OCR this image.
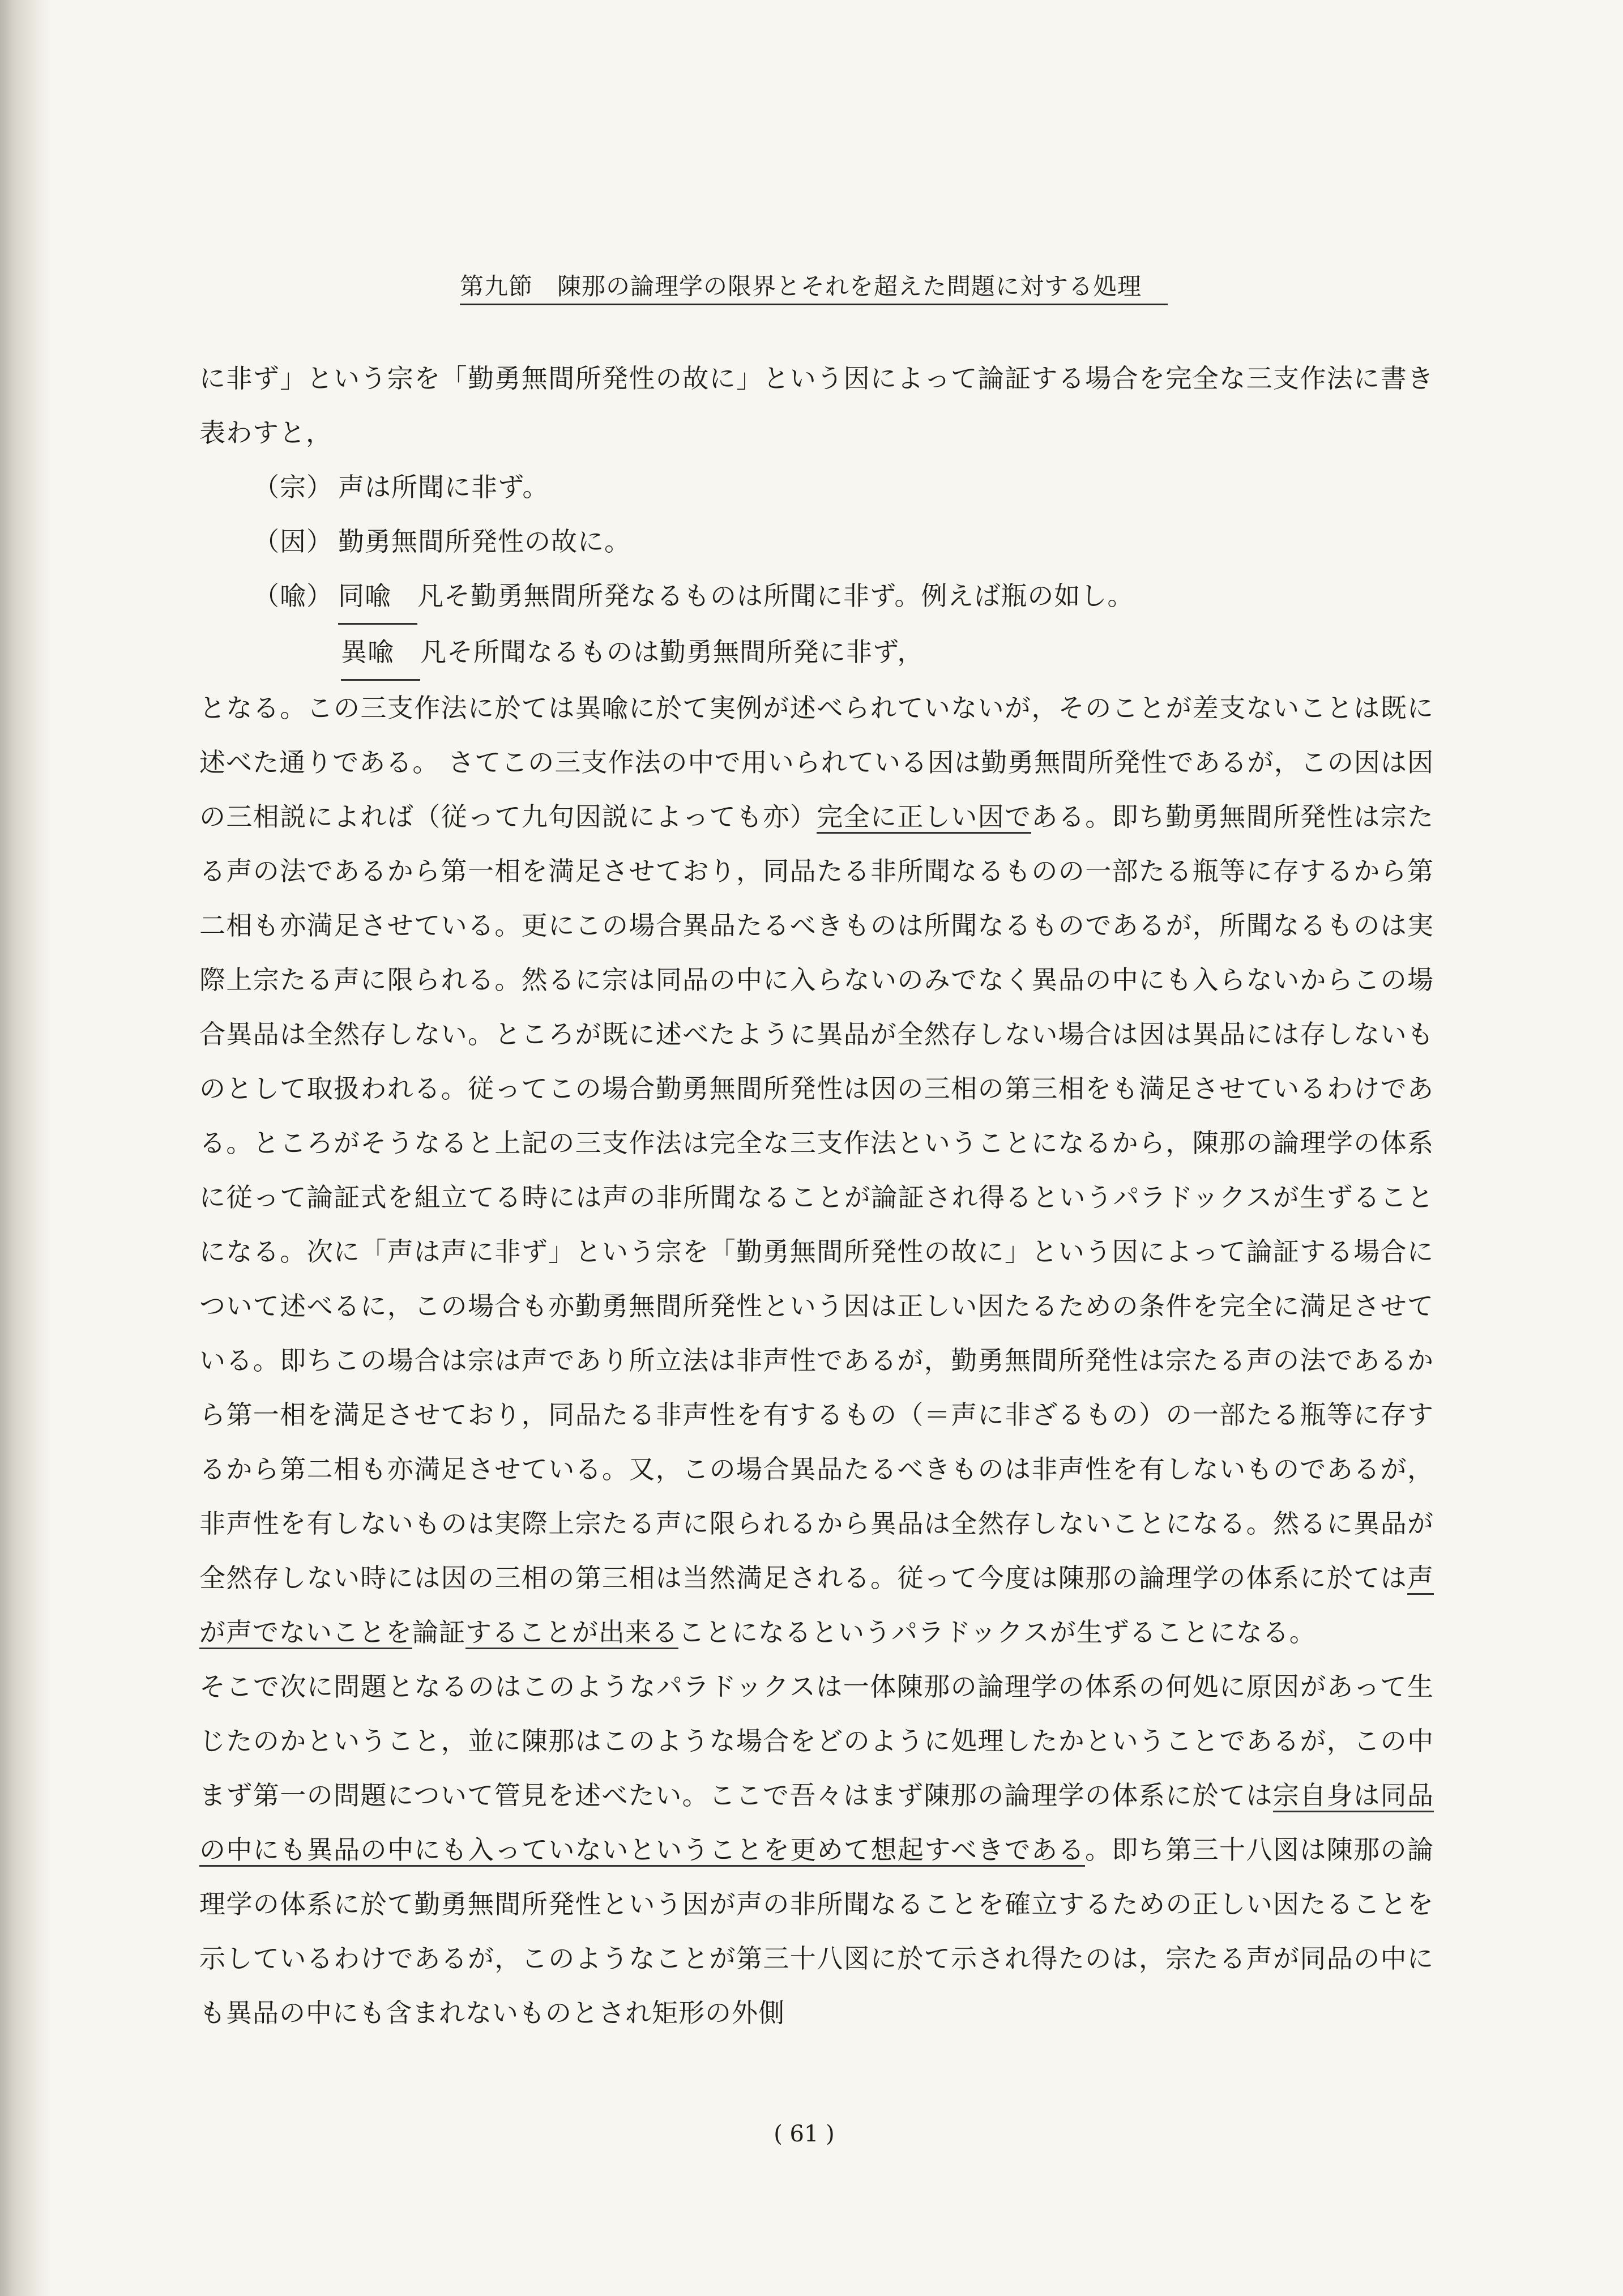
第九節　陳那の論理学の限界とそれを超えた問題に対する処理

に非ず」という宗を「勤勇無間所発性の故に」という因によって論証する場合を完全な三支作法に書き表わすと，

（宗） 声は所聞に非ず。

（因） 勤勇無間所発性の故に。

（喩） 同喩 凡そ勤勇無間所発なるものは所聞に非ず。例えば瓶の如し。

異喩 凡そ所聞なるものは勤勇無間所発に非ず，

となる。この三支作法に於ては異喩に於て実例が述べられていないが，そのことが差支ないことは既に述べた通りである。 さてこの三支作法の中で用いられている因は勤勇無間所発性であるが，この因は因の三相説によれば（従って九句因説によっても亦）完全に正しい因である。即ち勤勇無間所発性は宗たる声の法であるから第一相を満足させており，同品たる非所聞なるものの一部たる瓶等に存するから第二相も亦満足させている。更にこの場合異品たるべきものは所聞なるものであるが，所聞なるものは実際上宗たる声に限られる。然るに宗は同品の中に入らないのみでなく異品の中にも入らないからこの場合異品は全然存しない。ところが既に述べたように異品が全然存しない場合は因は異品には存しないものとして取扱われる。従ってこの場合勤勇無間所発性は因の三相の第三相をも満足させているわけである。ところがそうなると上記の三支作法は完全な三支作法ということになるから，陳那の論理学の体系に従って論証式を組立てる時には声の非所聞なることが論証され得るというパラドックスが生ずることになる。次に「声は声に非ず」という宗を「勤勇無間所発性の故に」という因によって論証する場合について述べるに，この場合も亦勤勇無間所発性という因は正しい因たるための条件を完全に満足させている。即ちこの場合は宗は声であり所立法は非声性であるが，勤勇無間所発性は宗たる声の法であるから第一相を満足させており，同品たる非声性を有するもの（＝声に非ざるもの）の一部たる瓶等に存するから第二相も亦満足させている。又，この場合異品たるべきものは非声性を有しないものであるが，非声性を有しないものは実際上宗たる声に限られるから異品は全然存しないことになる。然るに異品が全然存しない時には因の三相の第三相は当然満足される。従って今度は陳那の論理学の体系に於ては声が声でないことを論証することが出来ることになるというパラドックスが生ずることになる。

そこで次に問題となるのはこのようなパラドックスは一体陳那の論理学の体系の何処に原因があって生じたのかということ，並に陳那はこのような場合をどのように処理したかということであるが，この中まず第一の問題について管見を述べたい。ここで吾々はまず陳那の論理学の体系に於ては宗自身は同品の中にも異品の中にも入っていないということを更めて想起すべきである。即ち第三十八図は陳那の論理学の体系に於て勤勇無間所発性という因が声の非所聞なることを確立するための正しい因たることを示しているわけであるが，このようなことが第三十八図に於て示され得たのは，宗たる声が同品の中にも異品の中にも含まれないものとされ矩形の外側

( 61 )
